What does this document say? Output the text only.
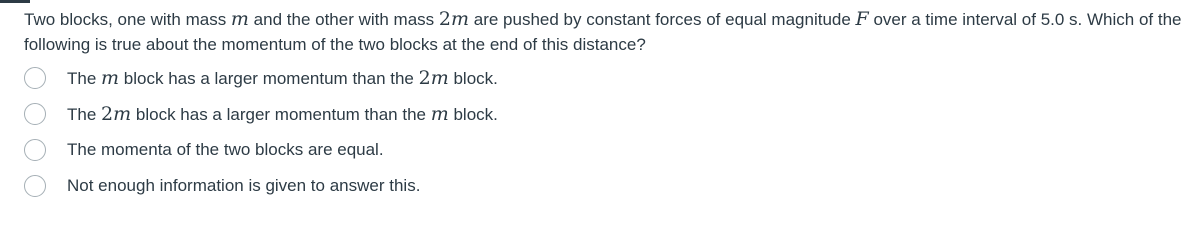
Two blocks, one with mass m and the other with mass 2m are pushed by constant forces of equal magnitude F over a time interval of 5.0 s. Which of the following is true about the momentum of the two blocks at the end of this distance?
The m block has a larger momentum than the 2m block.
The 2m block has a larger momentum than the m block.
The momenta of the two blocks are equal.
Not enough information is given to answer this.
